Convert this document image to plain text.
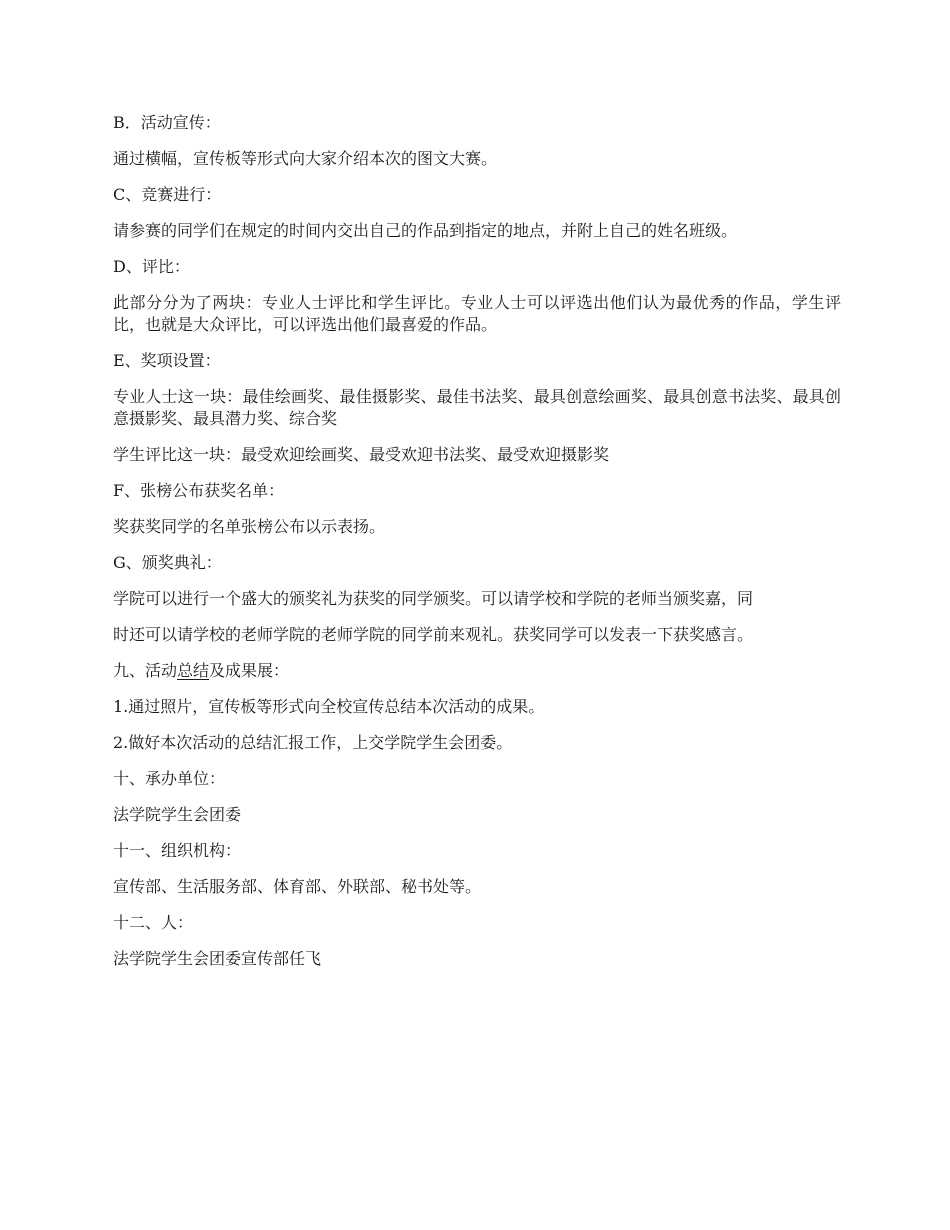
B．活动宣传：

通过横幅，宣传板等形式向大家介绍本次的图文大赛。

C、竞赛进行：

请参赛的同学们在规定的时间内交出自己的作品到指定的地点，并附上自己的姓名班级。

D、评比：

此部分分为了两块：专业人士评比和学生评比。专业人士可以评选出他们认为最优秀的作品，学生评比，也就是大众评比，可以评选出他们最喜爱的作品。

E、奖项设置：

专业人士这一块：最佳绘画奖、最佳摄影奖、最佳书法奖、最具创意绘画奖、最具创意书法奖、最具创意摄影奖、最具潜力奖、综合奖

学生评比这一块：最受欢迎绘画奖、最受欢迎书法奖、最受欢迎摄影奖

F、张榜公布获奖名单：

奖获奖同学的名单张榜公布以示表扬。

G、颁奖典礼：

学院可以进行一个盛大的颁奖礼为获奖的同学颁奖。可以请学校和学院的老师当颁奖嘉，同

时还可以请学校的老师学院的老师学院的同学前来观礼。获奖同学可以发表一下获奖感言。

九、活动总结及成果展：

1.通过照片，宣传板等形式向全校宣传总结本次活动的成果。

2.做好本次活动的总结汇报工作，上交学院学生会团委。

十、承办单位：

法学院学生会团委

十一、组织机构：

宣传部、生活服务部、体育部、外联部、秘书处等。

十二、人：

法学院学生会团委宣传部任飞
